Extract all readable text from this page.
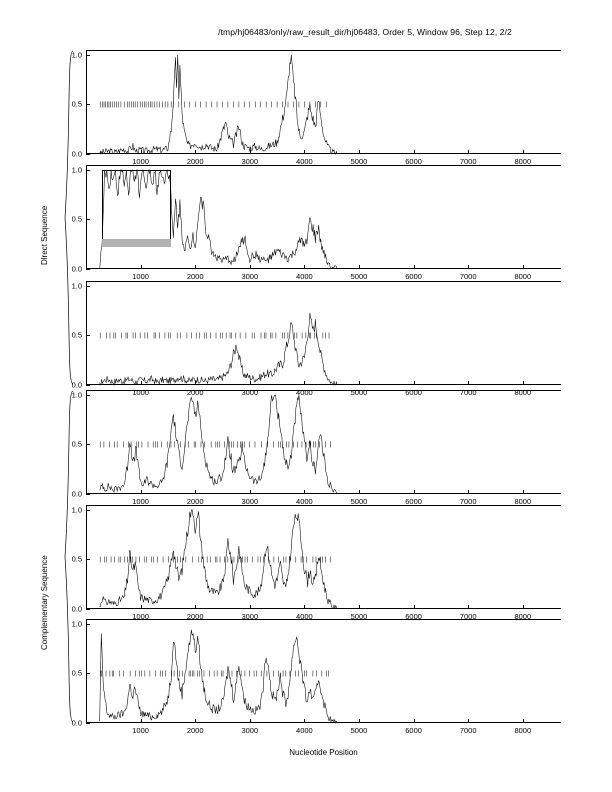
/tmp/hj06483/only/raw_result_dir/hj06483, Order 5, Window 96, Step 12, 2/2
Nucleotide Position
Dlrect Sequence
Complementary Sequence
0.0
0.5
1.0
1000	2000	3000	4000	5000	6000	7000	8000
0.0
0.5
1.0
1000	2000	3000	4000	5000	6000	7000	8000
0.0
0.5
1.0
1000	2000	3000	4000	5000	6000	7000	8000
0.0
0.5
1.0
1000	2000	3000	4000	5000	6000	7000	8000
0.0
0.5
1.0
1000	2000	3000	4000	5000	6000	7000	8000
0.0
0.5
1.0
1000	2000	3000	4000	5000	6000	7000	8000
